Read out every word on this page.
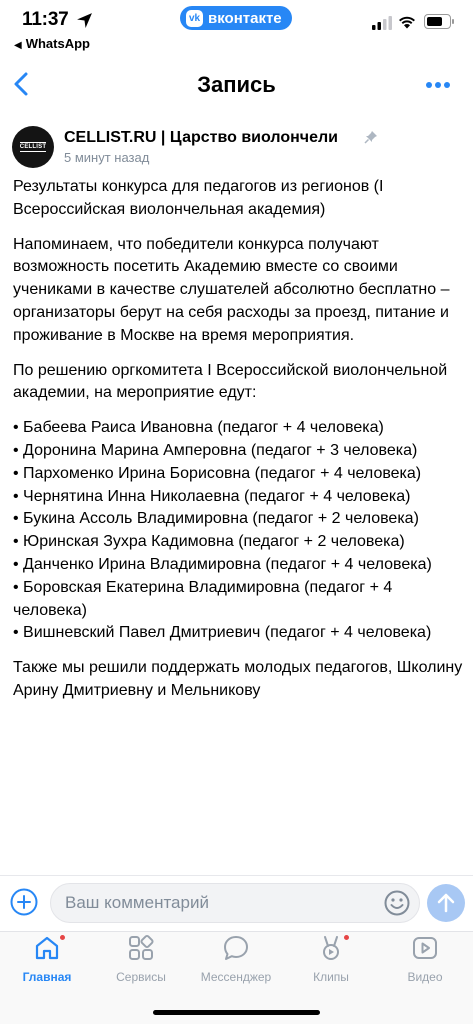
11:37
◀ WhatsApp
vk вконтакте
Запись
CELLIST
CELLIST.RU | Царство виолончели
5 минут назад

Результаты конкурса для педагогов из регионов (I Всероссийская виолончельная академия)

Напоминаем, что победители конкурса получают возможность посетить Академию вместе со своими учениками в качестве слушателей абсолютно бесплатно – организаторы берут на себя расходы за проезд, питание и проживание в Москве на время мероприятия.

По решению оргкомитета I Всероссийской виолончельной академии, на мероприятие едут:

• Бабеева Раиса Ивановна (педагог + 4 человека)
• Доронина Марина Амперовна (педагог + 3 человека)
• Пархоменко Ирина Борисовна (педагог + 4 человека)
• Чернятина Инна Николаевна (педагог + 4 человека)
• Букина Ассоль Владимировна (педагог + 2 человека)
• Юринская Зухра Кадимовна (педагог + 2 человека)
• Данченко Ирина Владимировна (педагог + 4 человека)
• Боровская Екатерина Владимировна (педагог + 4 человека)
• Вишневский Павел Дмитриевич (педагог + 4 человека)

Также мы решили поддержать молодых педагогов, Школину Арину Дмитриевну и Мельникову

Ваш комментарий
Главная	Сервисы	Мессенджер	Клипы	Видео
